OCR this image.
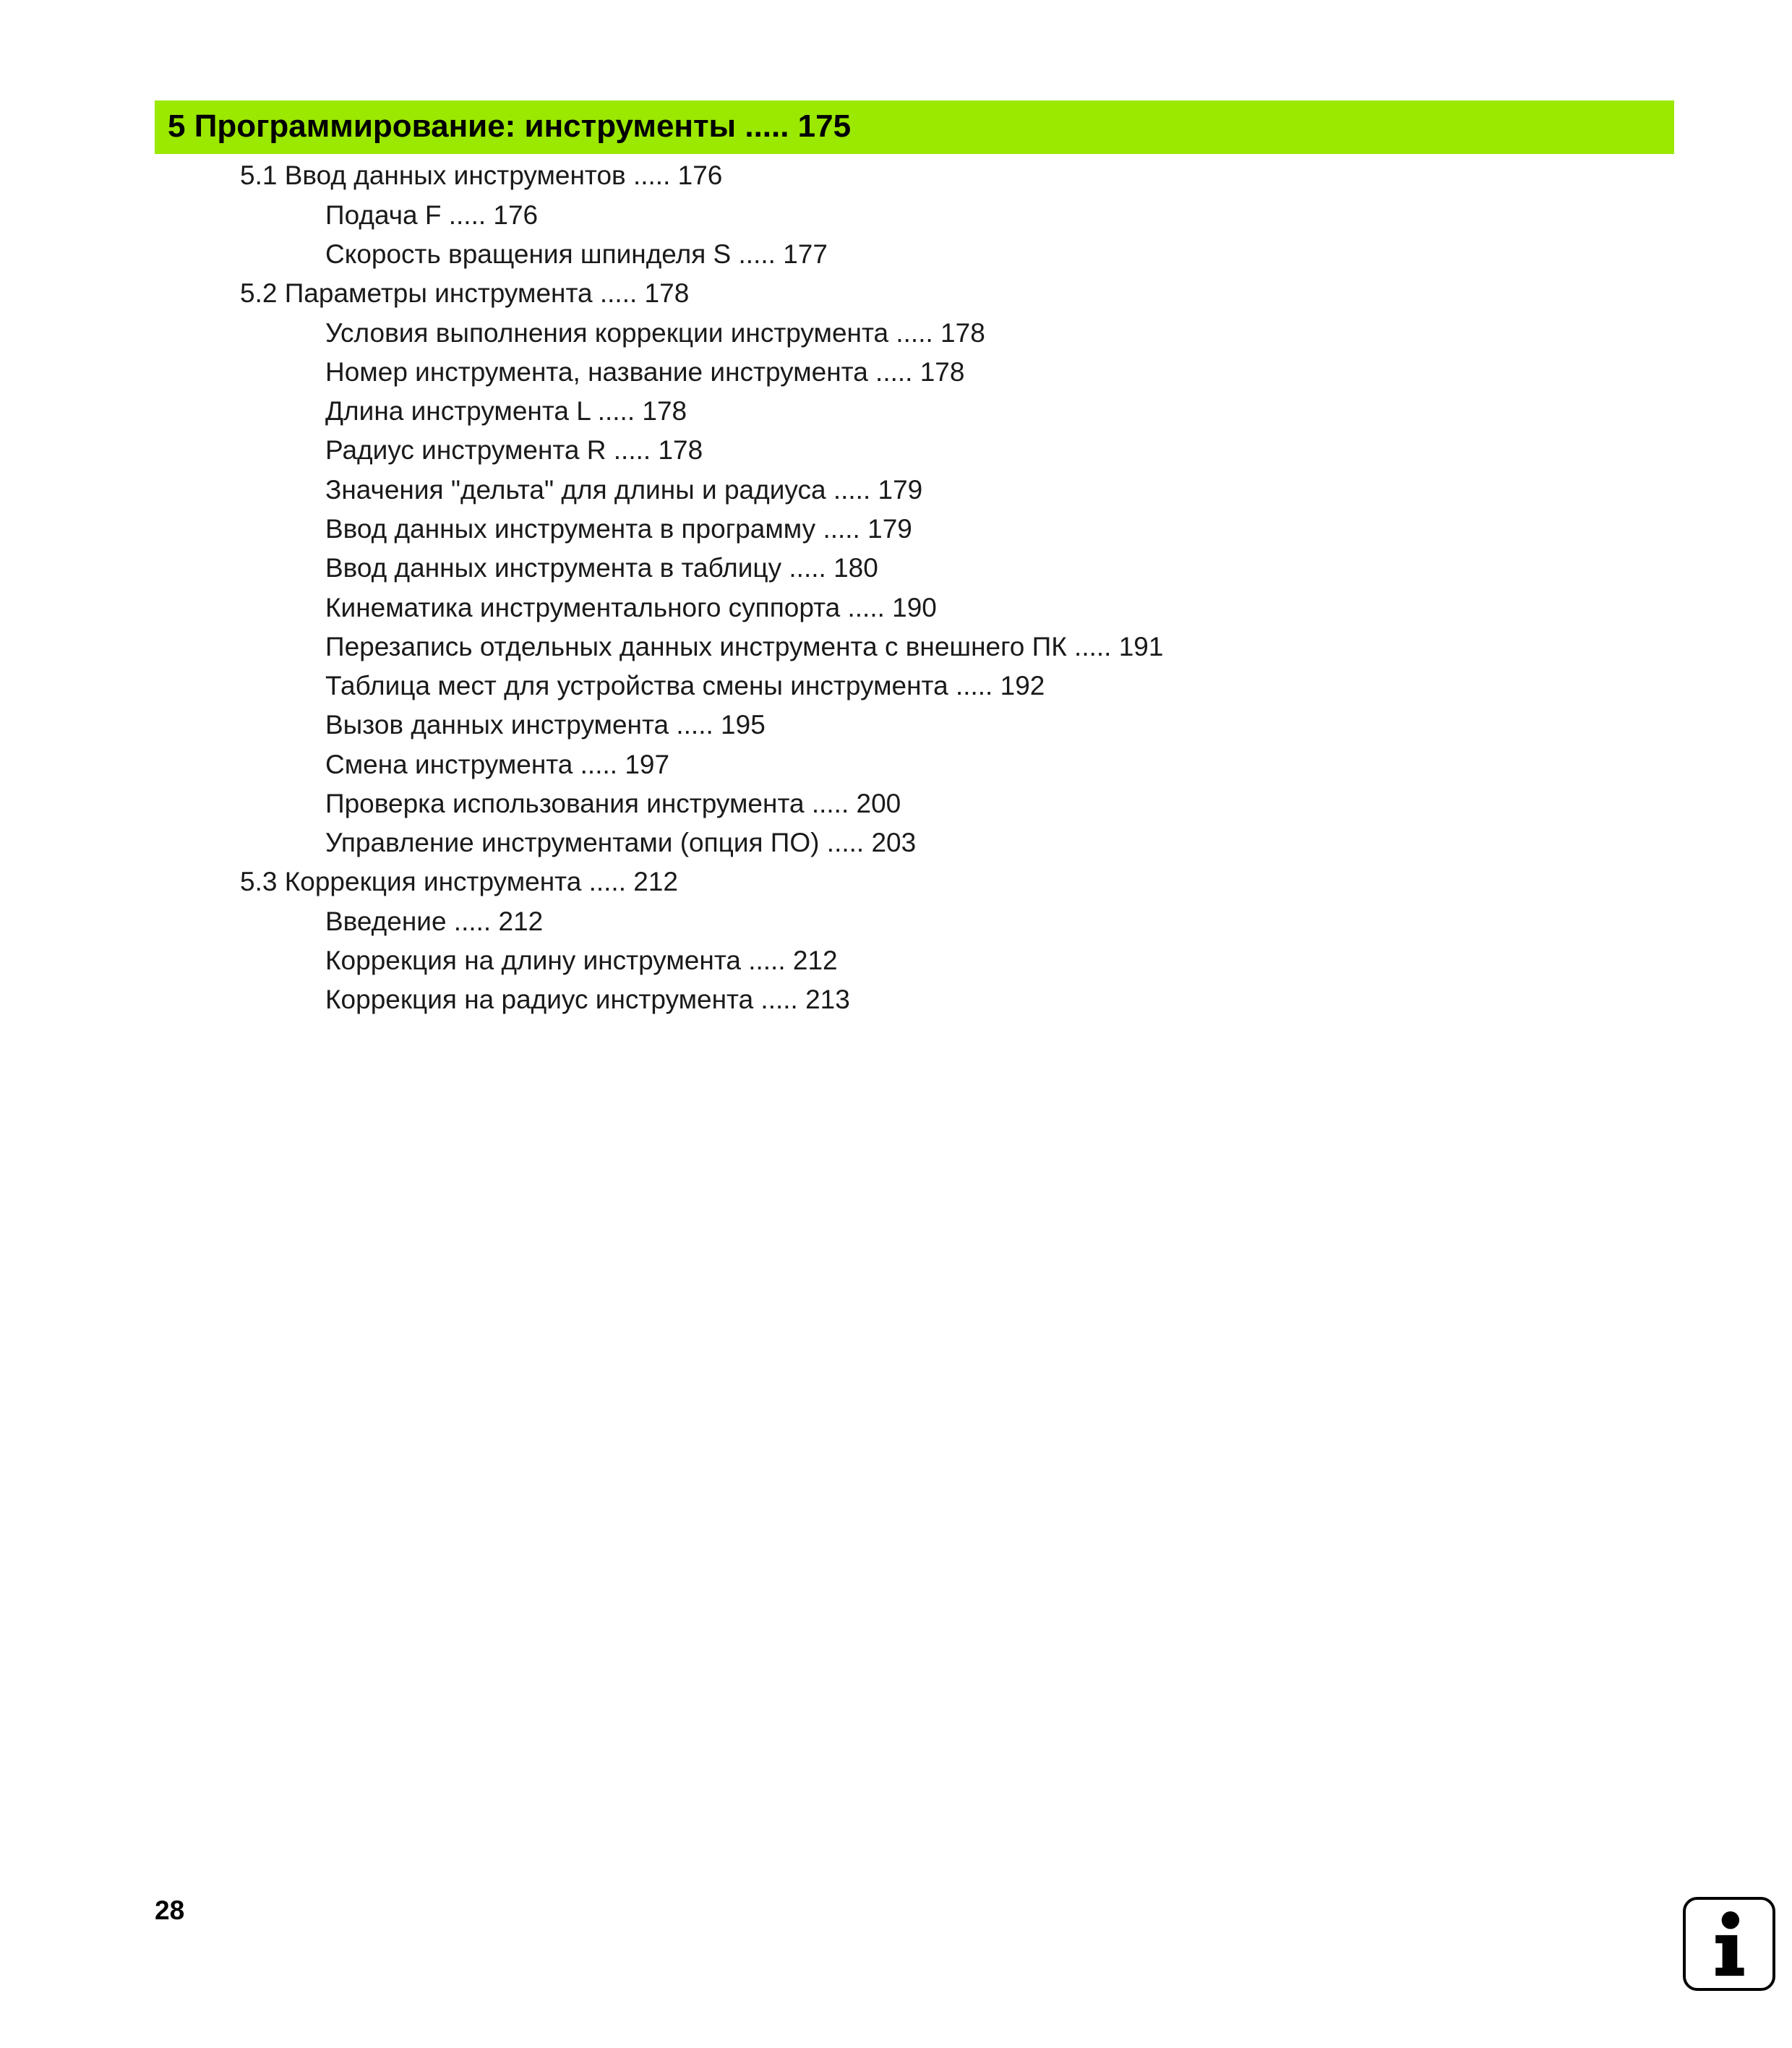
5 Программирование: инструменты ..... 175
5.1 Ввод данных инструментов ..... 176
Подача F ..... 176
Скорость вращения шпинделя S ..... 177
5.2 Параметры инструмента ..... 178
Условия выполнения коррекции инструмента ..... 178
Номер инструмента, название инструмента ..... 178
Длина инструмента L ..... 178
Радиус инструмента R ..... 178
Значения "дельта" для длины и радиуса ..... 179
Ввод данных инструмента в программу ..... 179
Ввод данных инструмента в таблицу ..... 180
Кинематика инструментального суппорта ..... 190
Перезапись отдельных данных инструмента с внешнего ПК ..... 191
Таблица мест для устройства смены инструмента ..... 192
Вызов данных инструмента ..... 195
Смена инструмента ..... 197
Проверка использования инструмента ..... 200
Управление инструментами (опция ПО) ..... 203
5.3 Коррекция инструмента ..... 212
Введение ..... 212
Коррекция на длину инструмента ..... 212
Коррекция на радиус инструмента ..... 213
28
